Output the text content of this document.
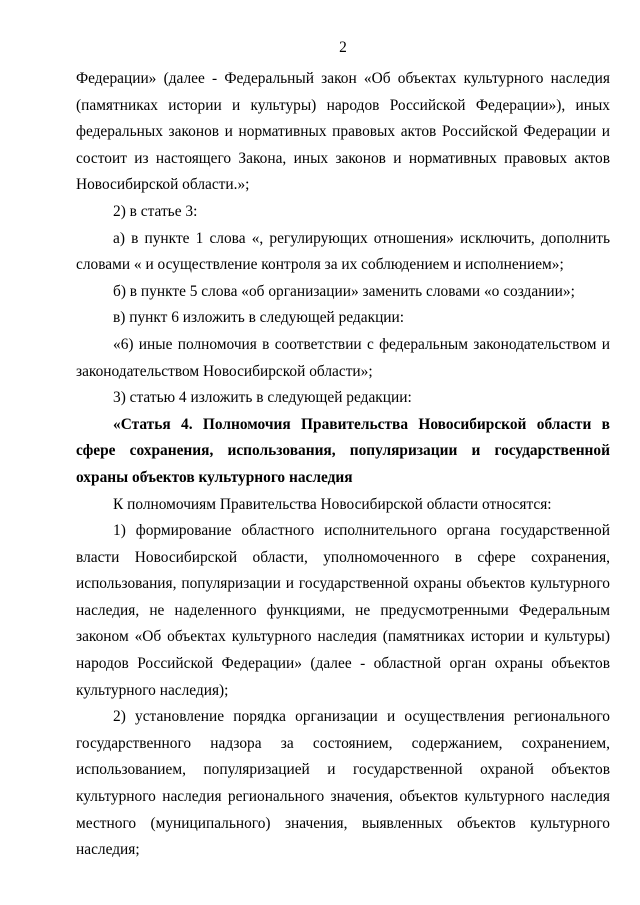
2

Федерации» (далее - Федеральный закон «Об объектах культурного наследия (памятниках истории и культуры) народов Российской Федерации»), иных федеральных законов и нормативных правовых актов Российской Федерации и состоит из настоящего Закона, иных законов и нормативных правовых актов Новосибирской области.»;

2) в статье 3:

а) в пункте 1 слова «, регулирующих отношения» исключить, дополнить словами « и осуществление контроля за их соблюдением и исполнением»;

б) в пункте 5 слова «об организации» заменить словами «о создании»;

в) пункт 6 изложить в следующей редакции:

«6) иные полномочия в соответствии с федеральным законодательством и законодательством Новосибирской области»;

3) статью 4 изложить в следующей редакции:

«Статья 4. Полномочия Правительства Новосибирской области в сфере сохранения, использования, популяризации и государственной охраны объектов культурного наследия

К полномочиям Правительства Новосибирской области относятся:

1) формирование областного исполнительного органа государственной власти Новосибирской области, уполномоченного в сфере сохранения, использования, популяризации и государственной охраны объектов культурного наследия, не наделенного функциями, не предусмотренными Федеральным законом «Об объектах культурного наследия (памятниках истории и культуры) народов Российской Федерации» (далее - областной орган охраны объектов культурного наследия);

2) установление порядка организации и осуществления регионального государственного надзора за состоянием, содержанием, сохранением, использованием, популяризацией и государственной охраной объектов культурного наследия регионального значения, объектов культурного наследия местного (муниципального) значения, выявленных объектов культурного наследия;
